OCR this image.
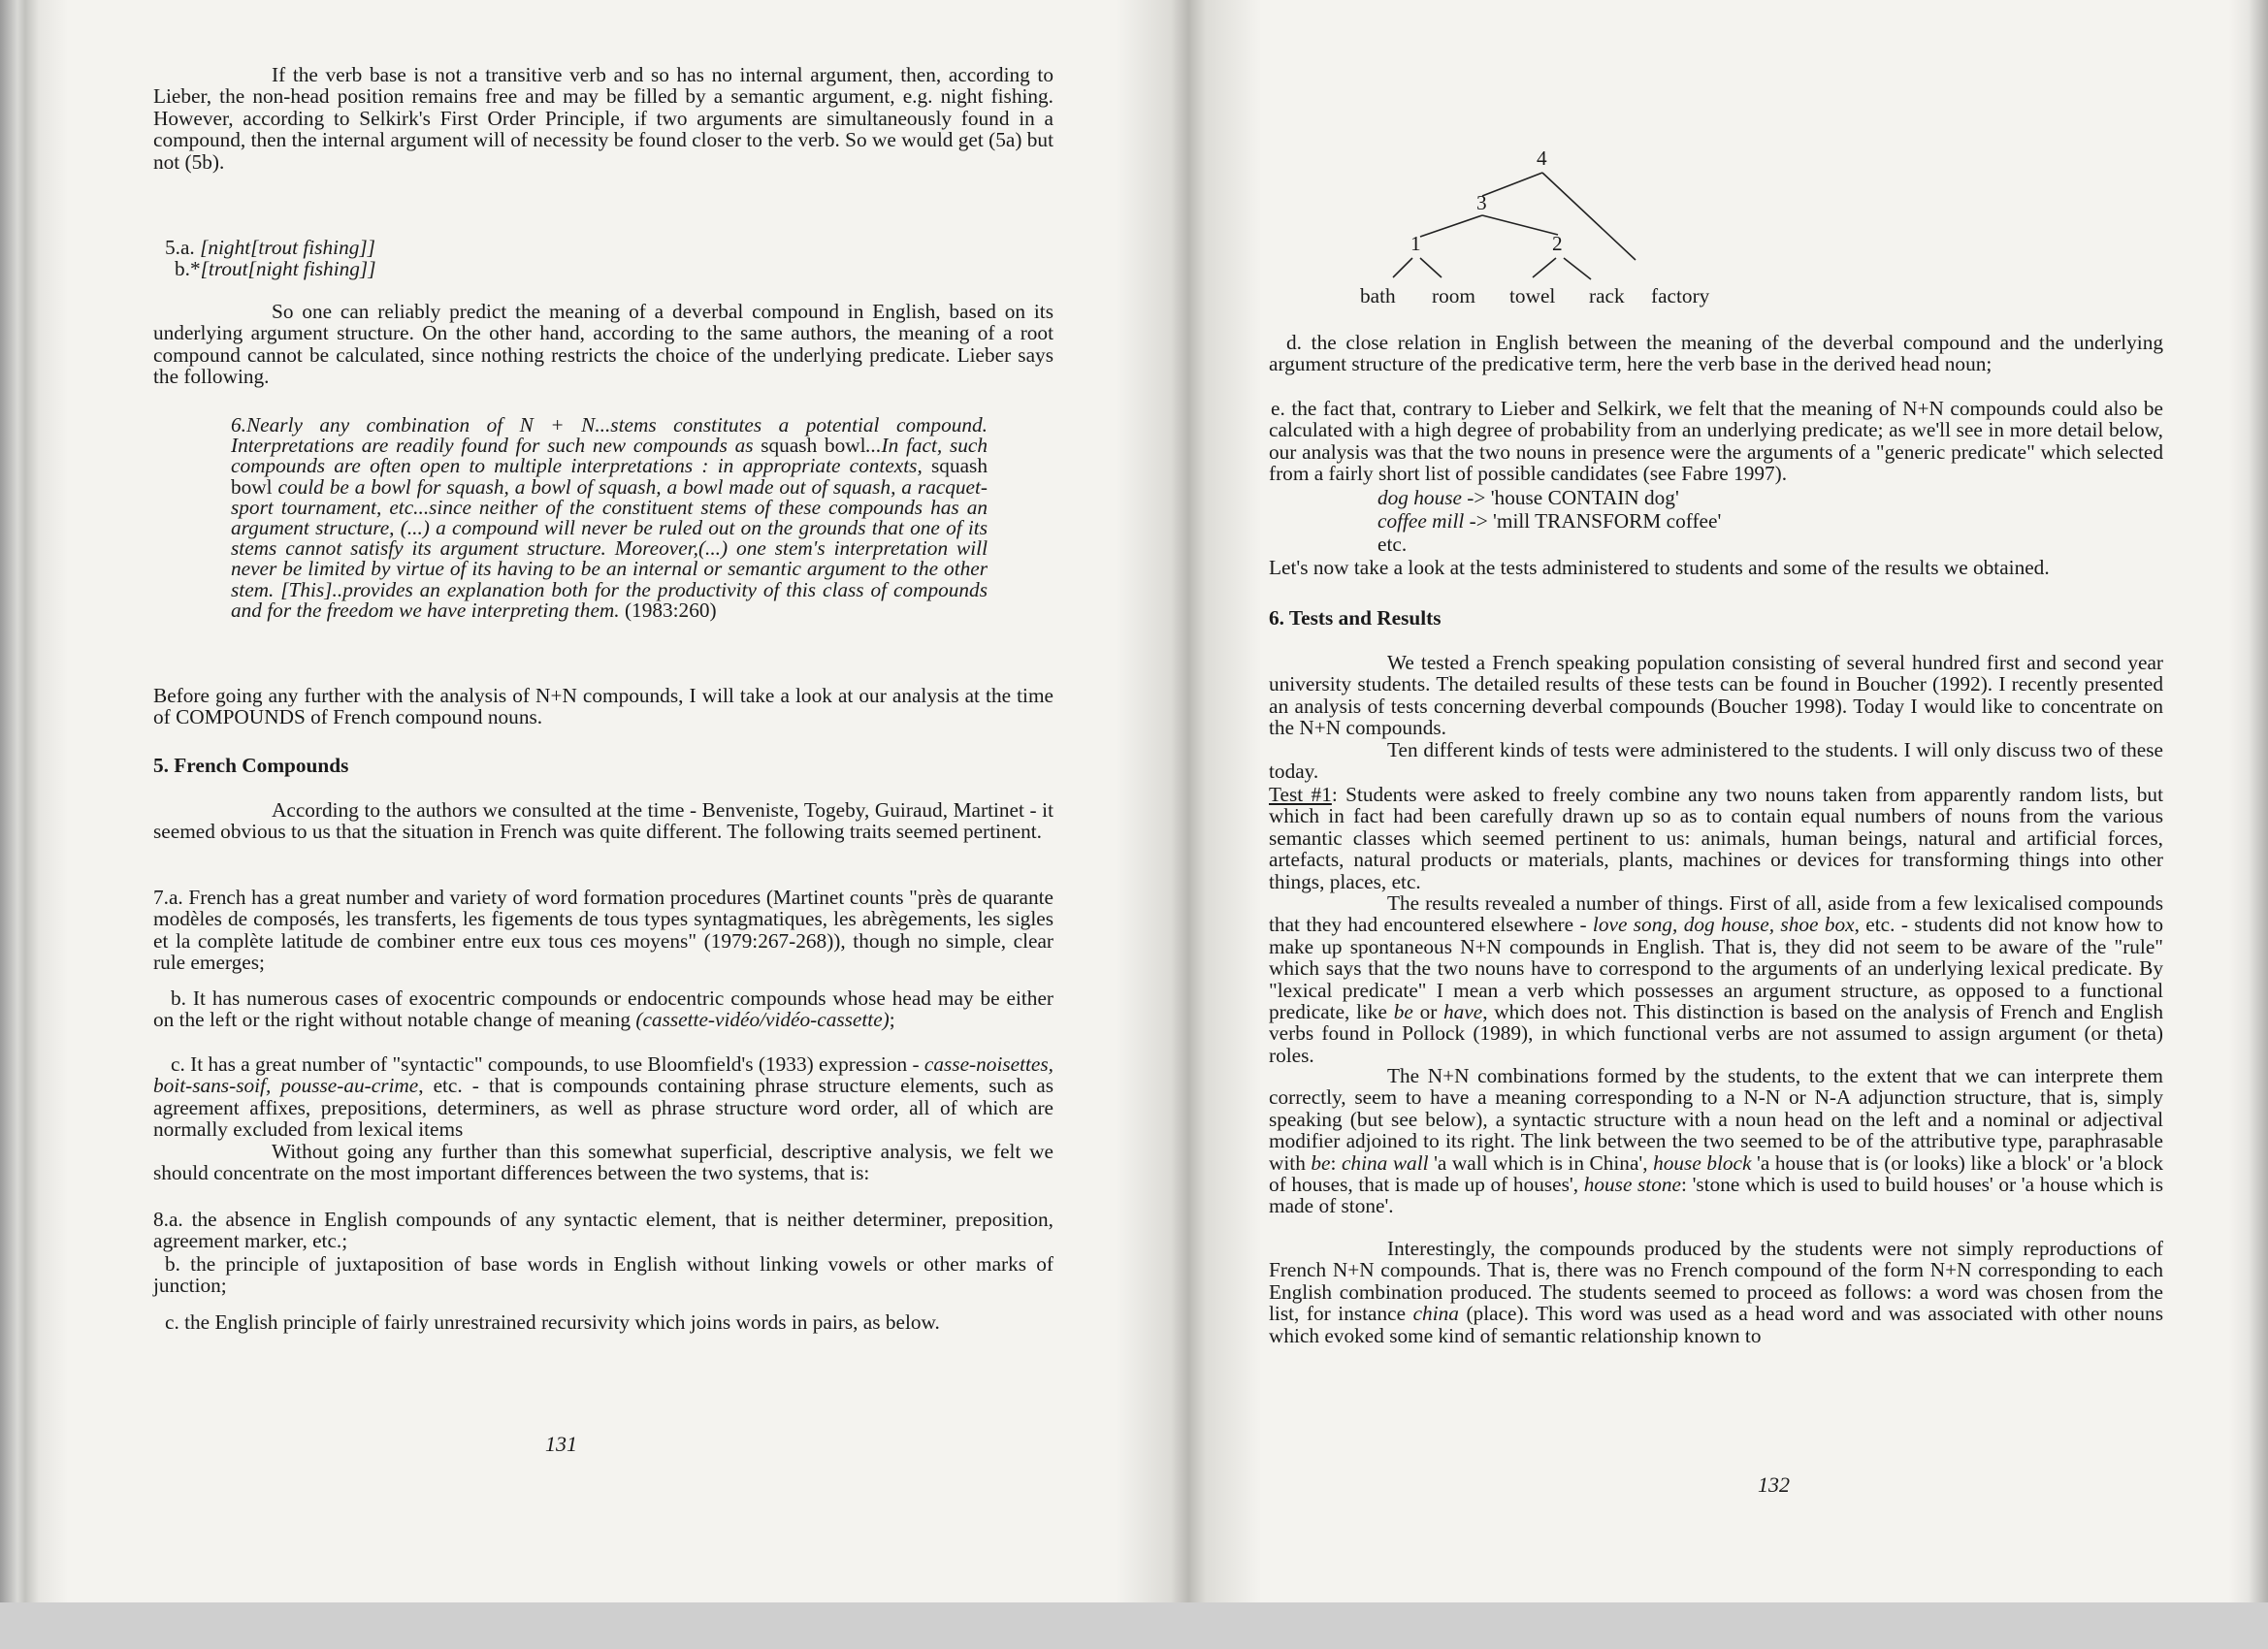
If the verb base is not a transitive verb and so has no internal argument, then, according to Lieber, the non-head position remains free and may be filled by a semantic argument, e.g. night fishing. However, according to Selkirk's First Order Principle, if two arguments are simultaneously found in a compound, then the internal argument will of necessity be found closer to the verb. So we would get (5a) but not (5b).
5.a. [night[trout fishing]]
b.*[trout[night fishing]]
So one can reliably predict the meaning of a deverbal compound in English, based on its underlying argument structure. On the other hand, according to the same authors, the meaning of a root compound cannot be calculated, since nothing restricts the choice of the underlying predicate. Lieber says the following.
6.Nearly any combination of N + N...stems constitutes a potential compound. Interpretations are readily found for such new compounds as squash bowl...In fact, such compounds are often open to multiple interpretations : in appropriate contexts, squash bowl could be a bowl for squash, a bowl of squash, a bowl made out of squash, a racquet-sport tournament, etc...since neither of the constituent stems of these compounds has an argument structure, (...) a compound will never be ruled out on the grounds that one of its stems cannot satisfy its argument structure. Moreover,(...) one stem's interpretation will never be limited by virtue of its having to be an internal or semantic argument to the other stem. [This]..provides an explanation both for the productivity of this class of compounds and for the freedom we have interpreting them. (1983:260)
Before going any further with the analysis of N+N compounds, I will take a look at our analysis at the time of COMPOUNDS of French compound nouns.
5. French Compounds
According to the authors we consulted at the time - Benveniste, Togeby, Guiraud, Martinet - it seemed obvious to us that the situation in French was quite different. The following traits seemed pertinent.
7.a. French has a great number and variety of word formation procedures (Martinet counts "près de quarante modèles de composés, les transferts, les figements de tous types syntagmatiques, les abrègements, les sigles et la complète latitude de combiner entre eux tous ces moyens" (1979:267-268)), though no simple, clear rule emerges;
b. It has numerous cases of exocentric compounds or endocentric compounds whose head may be either on the left or the right without notable change of meaning (cassette-vidéo/vidéo-cassette);
c. It has a great number of "syntactic" compounds, to use Bloomfield's (1933) expression - casse-noisettes, boit-sans-soif, pousse-au-crime, etc. - that is compounds containing phrase structure elements, such as agreement affixes, prepositions, determiners, as well as phrase structure word order, all of which are normally excluded from lexical items
Without going any further than this somewhat superficial, descriptive analysis, we felt we should concentrate on the most important differences between the two systems, that is:
8.a. the absence in English compounds of any syntactic element, that is neither determiner, preposition, agreement marker, etc.;
b. the principle of juxtaposition of base words in English without linking vowels or other marks of junction;
c. the English principle of fairly unrestrained recursivity which joins words in pairs, as below.
131
4
3
1	2
bath room towel rack factory
d. the close relation in English between the meaning of the deverbal compound and the underlying argument structure of the predicative term, here the verb base in the derived head noun;
e. the fact that, contrary to Lieber and Selkirk, we felt that the meaning of N+N compounds could also be calculated with a high degree of probability from an underlying predicate; as we'll see in more detail below, our analysis was that the two nouns in presence were the arguments of a "generic predicate" which selected from a fairly short list of possible candidates (see Fabre 1997).
dog house -> 'house CONTAIN dog'
coffee mill -> 'mill TRANSFORM coffee'
etc.
Let's now take a look at the tests administered to students and some of the results we obtained.
6. Tests and Results
We tested a French speaking population consisting of several hundred first and second year university students. The detailed results of these tests can be found in Boucher (1992). I recently presented an analysis of tests concerning deverbal compounds (Boucher 1998). Today I would like to concentrate on the N+N compounds.
Ten different kinds of tests were administered to the students. I will only discuss two of these today.
Test #1: Students were asked to freely combine any two nouns taken from apparently random lists, but which in fact had been carefully drawn up so as to contain equal numbers of nouns from the various semantic classes which seemed pertinent to us: animals, human beings, natural and artificial forces, artefacts, natural products or materials, plants, machines or devices for transforming things into other things, places, etc.
The results revealed a number of things. First of all, aside from a few lexicalised compounds that they had encountered elsewhere - love song, dog house, shoe box, etc. - students did not know how to make up spontaneous N+N compounds in English. That is, they did not seem to be aware of the "rule" which says that the two nouns have to correspond to the arguments of an underlying lexical predicate. By "lexical predicate" I mean a verb which possesses an argument structure, as opposed to a functional predicate, like be or have, which does not. This distinction is based on the analysis of French and English verbs found in Pollock (1989), in which functional verbs are not assumed to assign argument (or theta) roles.
The N+N combinations formed by the students, to the extent that we can interprete them correctly, seem to have a meaning corresponding to a N-N or N-A adjunction structure, that is, simply speaking (but see below), a syntactic structure with a noun head on the left and a nominal or adjectival modifier adjoined to its right. The link between the two seemed to be of the attributive type, paraphrasable with be: china wall 'a wall which is in China', house block 'a house that is (or looks) like a block' or 'a block of houses, that is made up of houses', house stone: 'stone which is used to build houses' or 'a house which is made of stone'.
Interestingly, the compounds produced by the students were not simply reproductions of French N+N compounds. That is, there was no French compound of the form N+N corresponding to each English combination produced. The students seemed to proceed as follows: a word was chosen from the list, for instance china (place). This word was used as a head word and was associated with other nouns which evoked some kind of semantic relationship known to
132
